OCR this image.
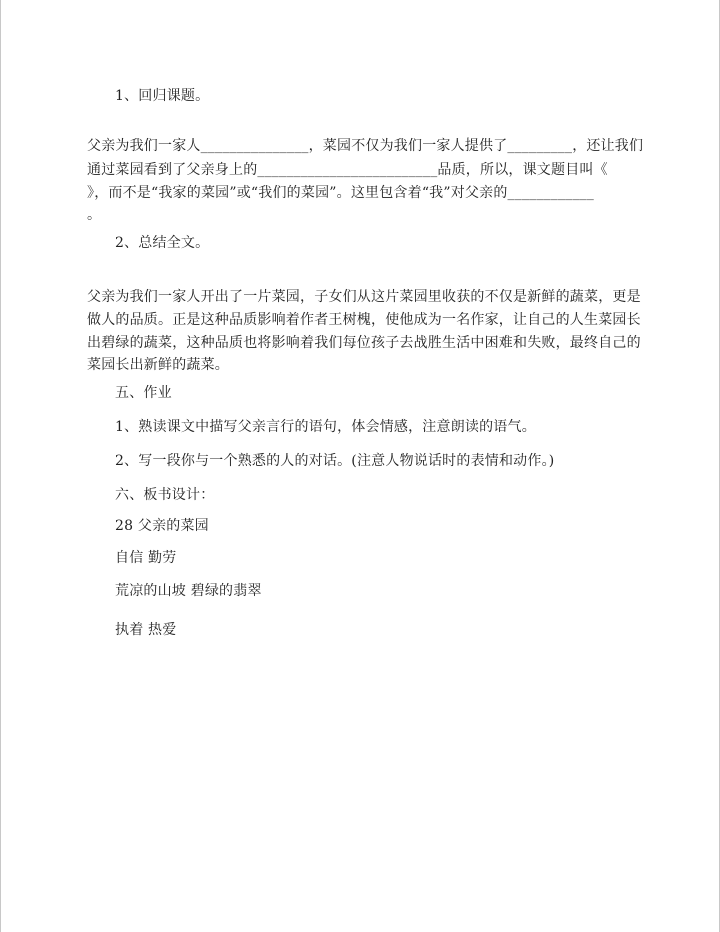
1、回归课题。
父亲为我们一家人_______________，菜园不仅为我们一家人提供了_________，还让我们
通过菜园看到了父亲身上的_________________________品质，所以，课文题目叫《
》，而不是“我家的菜园”或“我们的菜园”。这里包含着“我”对父亲的____________
。
2、总结全文。
父亲为我们一家人开出了一片菜园，子女们从这片菜园里收获的不仅是新鲜的蔬菜，更是
做人的品质。正是这种品质影响着作者王树槐，使他成为一名作家，让自己的人生菜园长
出碧绿的蔬菜，这种品质也将影响着我们每位孩子去战胜生活中困难和失败，最终自己的
菜园长出新鲜的蔬菜。
五、作业
1、熟读课文中描写父亲言行的语句，体会情感，注意朗读的语气。
2、写一段你与一个熟悉的人的对话。(注意人物说话时的表情和动作。)
六、板书设计：
28 父亲的菜园
自信 勤劳
荒凉的山坡 碧绿的翡翠
执着 热爱
